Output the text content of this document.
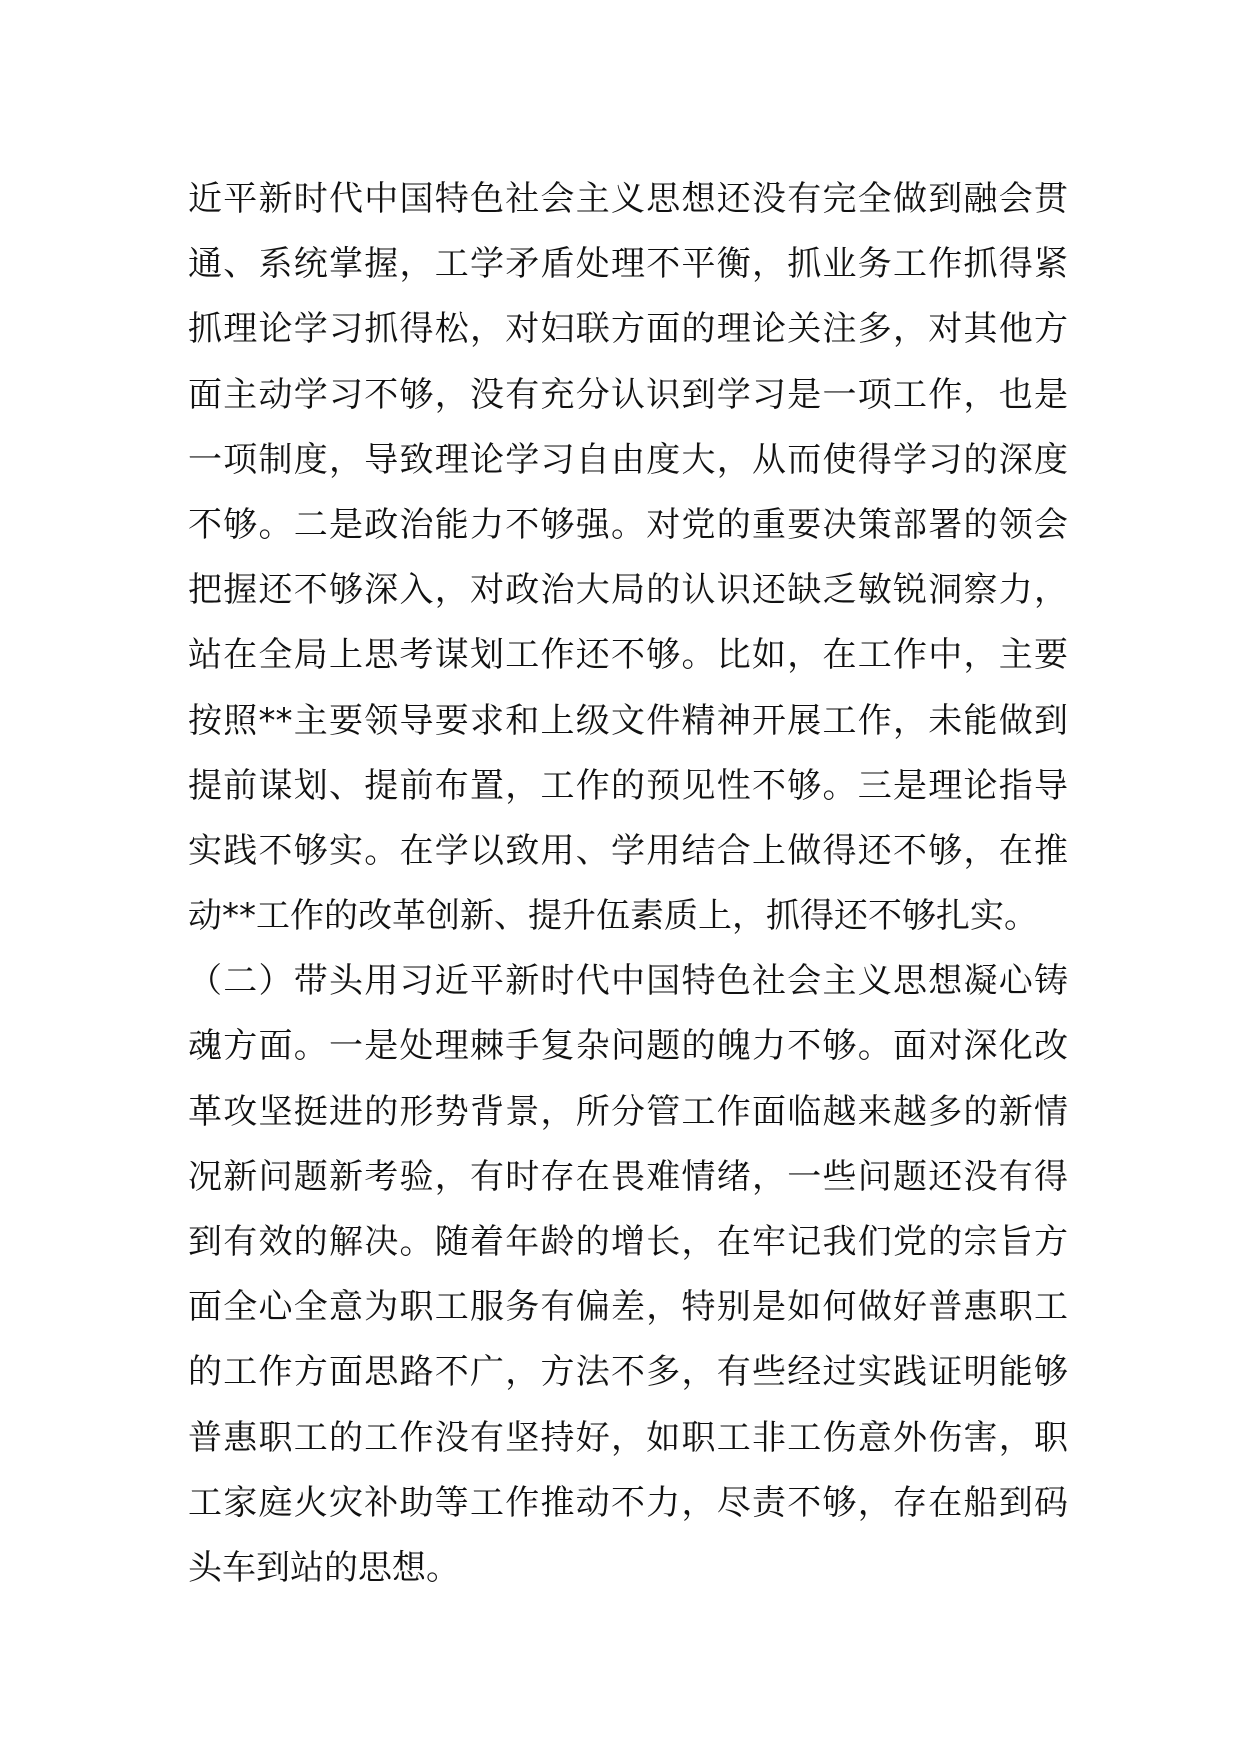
近平新时代中国特色社会主义思想还没有完全做到融会贯
通、系统掌握，工学矛盾处理不平衡，抓业务工作抓得紧
抓理论学习抓得松，对妇联方面的理论关注多，对其他方
面主动学习不够，没有充分认识到学习是一项工作，也是
一项制度，导致理论学习自由度大，从而使得学习的深度
不够。二是政治能力不够强。对党的重要决策部署的领会
把握还不够深入，对政治大局的认识还缺乏敏锐洞察力，
站在全局上思考谋划工作还不够。比如，在工作中，主要
按照**主要领导要求和上级文件精神开展工作，未能做到
提前谋划、提前布置，工作的预见性不够。三是理论指导
实践不够实。在学以致用、学用结合上做得还不够，在推
动**工作的改革创新、提升伍素质上，抓得还不够扎实。
（二）带头用习近平新时代中国特色社会主义思想凝心铸
魂方面。一是处理棘手复杂问题的魄力不够。面对深化改
革攻坚挺进的形势背景，所分管工作面临越来越多的新情
况新问题新考验，有时存在畏难情绪，一些问题还没有得
到有效的解决。随着年龄的增长，在牢记我们党的宗旨方
面全心全意为职工服务有偏差，特别是如何做好普惠职工
的工作方面思路不广，方法不多，有些经过实践证明能够
普惠职工的工作没有坚持好，如职工非工伤意外伤害，职
工家庭火灾补助等工作推动不力，尽责不够，存在船到码
头车到站的思想。
